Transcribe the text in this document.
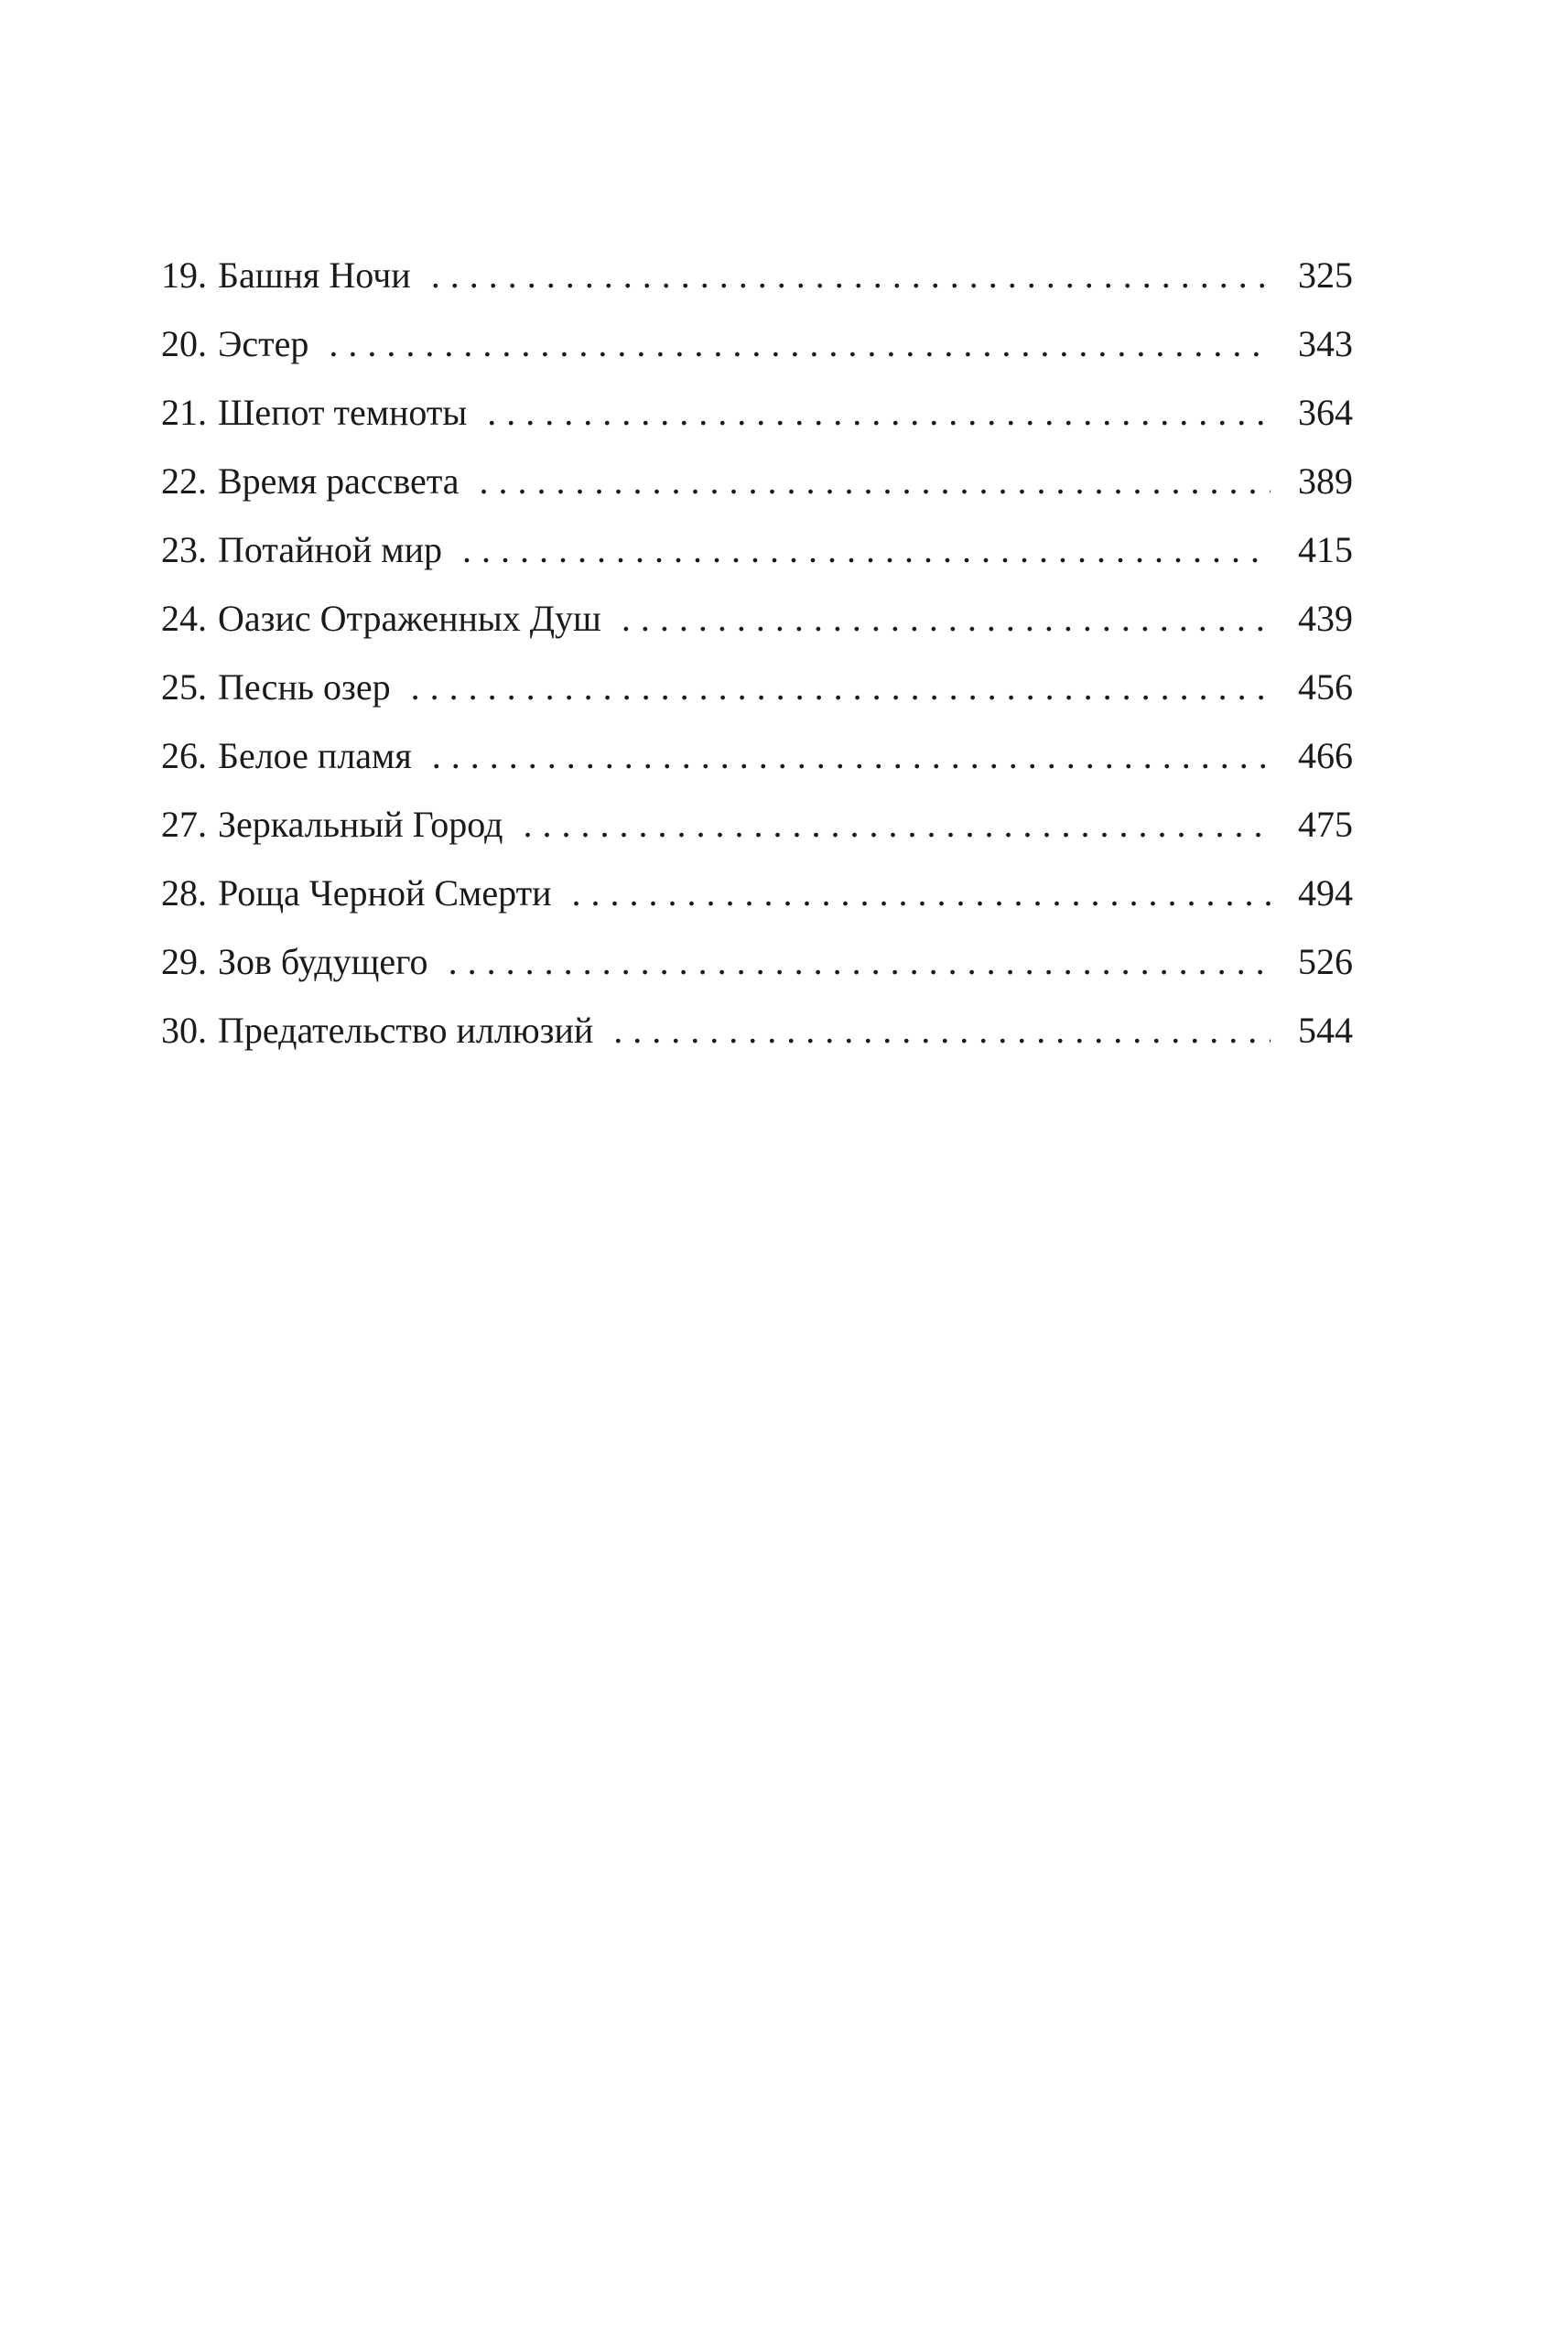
19. Башня Ночи . . .	325
20. Эстер . . .	343
21. Шепот темноты . . .	364
22. Время рассвета . . .	389
23. Потайной мир . . .	415
24. Оазис Отраженных Душ . . .	439
25. Песнь озер . . .	456
26. Белое пламя . . .	466
27. Зеркальный Город . . .	475
28. Роща Черной Смерти . . .	494
29. Зов будущего . . .	526
30. Предательство иллюзий . . .	544
